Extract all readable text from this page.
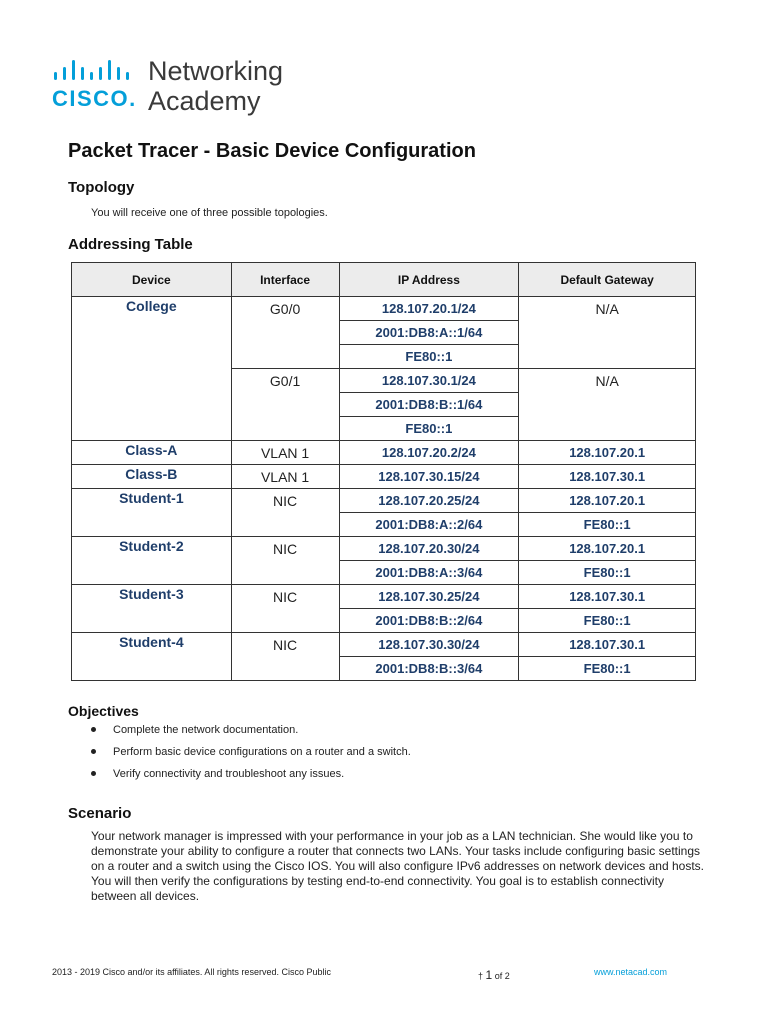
CISCO.
Networking
Academy
Packet Tracer - Basic Device Configuration
Topology
You will receive one of three possible topologies.
Addressing Table
Device	Interface	IP Address	Default Gateway
College	G0/0	128.107.20.1/24	N/A
		2001:DB8:A::1/64	
		FE80::1	
	G0/1	128.107.30.1/24	N/A
		2001:DB8:B::1/64	
		FE80::1	
Class-A	VLAN 1	128.107.20.2/24	128.107.20.1
Class-B	VLAN 1	128.107.30.15/24	128.107.30.1
Student-1	NIC	128.107.20.25/24	128.107.20.1
		2001:DB8:A::2/64	FE80::1
Student-2	NIC	128.107.20.30/24	128.107.20.1
		2001:DB8:A::3/64	FE80::1
Student-3	NIC	128.107.30.25/24	128.107.30.1
		2001:DB8:B::2/64	FE80::1
Student-4	NIC	128.107.30.30/24	128.107.30.1
		2001:DB8:B::3/64	FE80::1
Objectives
Complete the network documentation.
Perform basic device configurations on a router and a switch.
Verify connectivity and troubleshoot any issues.
Scenario
Your network manager is impressed with your performance in your job as a LAN technician. She would like you to demonstrate your ability to configure a router that connects two LANs. Your tasks include configuring basic settings on a router and a switch using the Cisco IOS. You will also configure IPv6 addresses on network devices and hosts. You will then verify the configurations by testing end-to-end connectivity. You goal is to establish connectivity between all devices.
2013 - 2019 Cisco and/or its affiliates. All rights reserved. Cisco Public	† 1 of 2	www.netacad.com
